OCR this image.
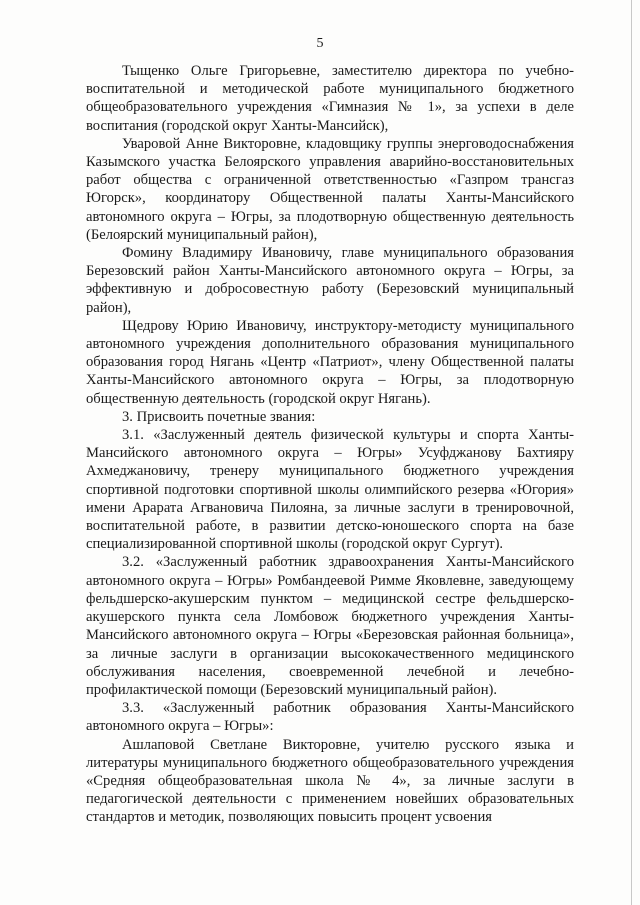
5

Тыщенко Ольге Григорьевне, заместителю директора по учебно-воспитательной и методической работе муниципального бюджетного общеобразовательного учреждения «Гимназия № 1», за успехи в деле воспитания (городской округ Ханты-Мансийск),

Уваровой Анне Викторовне, кладовщику группы энерговодоснабжения Казымского участка Белоярского управления аварийно-восстановительных работ общества с ограниченной ответственностью «Газпром трансгаз Югорск», координатору Общественной палаты Ханты-Мансийского автономного округа – Югры, за плодотворную общественную деятельность (Белоярский муниципальный район),

Фомину Владимиру Ивановичу, главе муниципального образования Березовский район Ханты-Мансийского автономного округа – Югры, за эффективную и добросовестную работу (Березовский муниципальный район),

Щедрову Юрию Ивановичу, инструктору-методисту муниципального автономного учреждения дополнительного образования муниципального образования город Нягань «Центр «Патриот», члену Общественной палаты Ханты-Мансийского автономного округа – Югры, за плодотворную общественную деятельность (городской округ Нягань).

3. Присвоить почетные звания:

3.1. «Заслуженный деятель физической культуры и спорта Ханты-Мансийского автономного округа – Югры» Усуфджанову Бахтияру Ахмеджановичу, тренеру муниципального бюджетного учреждения спортивной подготовки спортивной школы олимпийского резерва «Югория» имени Арарата Агвановича Пилояна, за личные заслуги в тренировочной, воспитательной работе, в развитии детско-юношеского спорта на базе специализированной спортивной школы (городской округ Сургут).

3.2. «Заслуженный работник здравоохранения Ханты-Мансийского автономного округа – Югры» Ромбандеевой Римме Яковлевне, заведующему фельдшерско-акушерским пунктом – медицинской сестре фельдшерско-акушерского пункта села Ломбовож бюджетного учреждения Ханты-Мансийского автономного округа – Югры «Березовская районная больница», за личные заслуги в организации высококачественного медицинского обслуживания населения, своевременной лечебной и лечебно-профилактической помощи (Березовский муниципальный район).

3.3. «Заслуженный работник образования Ханты-Мансийского автономного округа – Югры»:

Ашлаповой Светлане Викторовне, учителю русского языка и литературы муниципального бюджетного общеобразовательного учреждения «Средняя общеобразовательная школа № 4», за личные заслуги в педагогической деятельности с применением новейших образовательных стандартов и методик, позволяющих повысить процент усвоения
